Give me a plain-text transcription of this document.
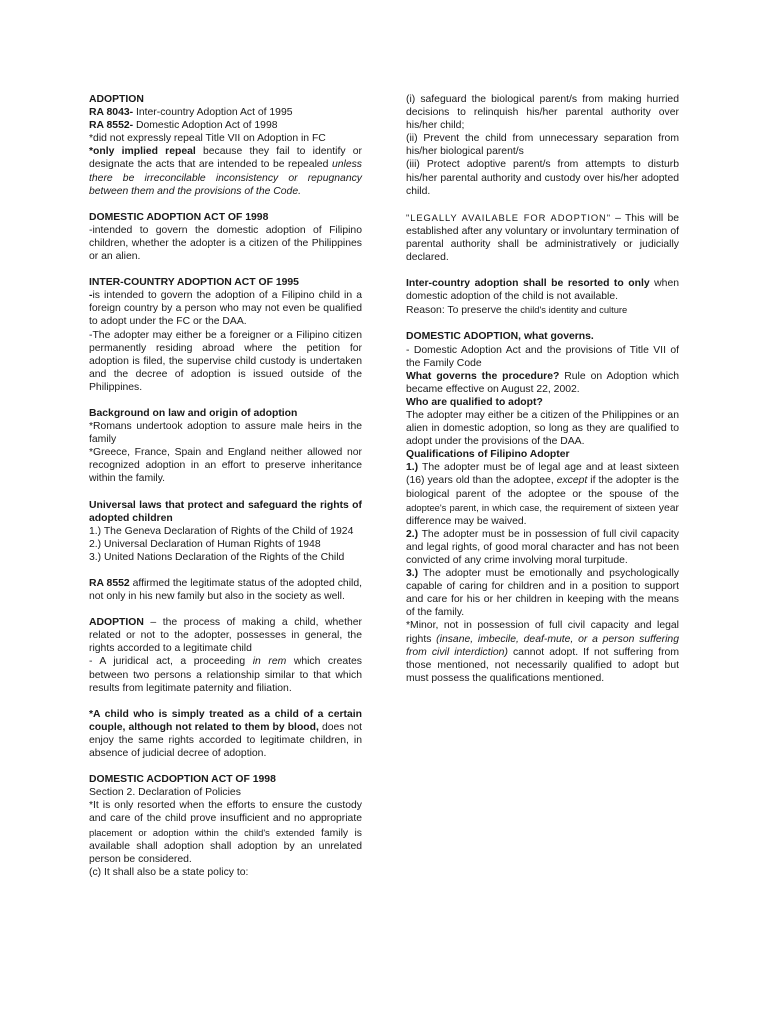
ADOPTION

RA 8043- Inter-country Adoption Act of 1995

RA 8552- Domestic Adoption Act of 1998

*did not expressly repeal Title VII on Adoption in FC

*only implied repeal because they fail to identify or designate the acts that are intended to be repealed unless there be irreconcilable inconsistency or repugnancy between them and the provisions of the Code.

DOMESTIC ADOPTION ACT OF 1998

-intended to govern the domestic adoption of Filipino children, whether the adopter is a citizen of the Philippines or an alien.

INTER-COUNTRY ADOPTION ACT OF 1995

-is intended to govern the adoption of a Filipino child in a foreign country by a person who may not even be qualified to adopt under the FC or the DAA.

-The adopter may either be a foreigner or a Filipino citizen permanently residing abroad where the petition for adoption is filed, the supervise child custody is undertaken and the decree of adoption is issued outside of the Philippines.

Background on law and origin of adoption

*Romans undertook adoption to assure male heirs in the family

*Greece, France, Spain and England neither allowed nor recognized adoption in an effort to preserve inheritance within the family.

Universal laws that protect and safeguard the rights of adopted children

1.) The Geneva Declaration of Rights of the Child of 1924

2.) Universal Declaration of Human Rights of 1948

3.) United Nations Declaration of the Rights of the Child

RA 8552 affirmed the legitimate status of the adopted child, not only in his new family but also in the society as well.

ADOPTION – the process of making a child, whether related or not to the adopter, possesses in general, the rights accorded to a legitimate child

- A juridical act, a proceeding in rem which creates between two persons a relationship similar to that which results from legitimate paternity and filiation.

*A child who is simply treated as a child of a certain couple, although not related to them by blood, does not enjoy the same rights accorded to legitimate children, in absence of judicial decree of adoption.

DOMESTIC ACDOPTION ACT OF 1998

Section 2. Declaration of Policies

*It is only resorted when the efforts to ensure the custody and care of the child prove insufficient and no appropriate placement or adoption within the child's extended family is available shall adoption shall adoption by an unrelated person be considered.

(c) It shall also be a state policy to:

(i) safeguard the biological parent/s from making hurried decisions to relinquish his/her parental authority over his/her child;

(ii) Prevent the child from unnecessary separation from his/her biological parent/s

(iii) Protect adoptive parent/s from attempts to disturb his/her parental authority and custody over his/her adopted child.

"LEGALLY AVAILABLE FOR ADOPTION" – This will be established after any voluntary or involuntary termination of parental authority shall be administratively or judicially declared.

Inter-country adoption shall be resorted to only when domestic adoption of the child is not available.

Reason: To preserve the child's identity and culture

DOMESTIC ADOPTION, what governs.

- Domestic Adoption Act and the provisions of Title VII of the Family Code

What governs the procedure? Rule on Adoption which became effective on August 22, 2002.

Who are qualified to adopt?

The adopter may either be a citizen of the Philippines or an alien in domestic adoption, so long as they are qualified to adopt under the provisions of the DAA.

Qualifications of Filipino Adopter

1.) The adopter must be of legal age and at least sixteen (16) years old than the adoptee, except if the adopter is the biological parent of the adoptee or the spouse of the adoptee's parent, in which case, the requirement of sixteen year difference may be waived.

2.) The adopter must be in possession of full civil capacity and legal rights, of good moral character and has not been convicted of any crime involving moral turpitude.

3.) The adopter must be emotionally and psychologically capable of caring for children and in a position to support and care for his or her children in keeping with the means of the family.

*Minor, not in possession of full civil capacity and legal rights (insane, imbecile, deaf-mute, or a person suffering from civil interdiction) cannot adopt. If not suffering from those mentioned, not necessarily qualified to adopt but must possess the qualifications mentioned.
